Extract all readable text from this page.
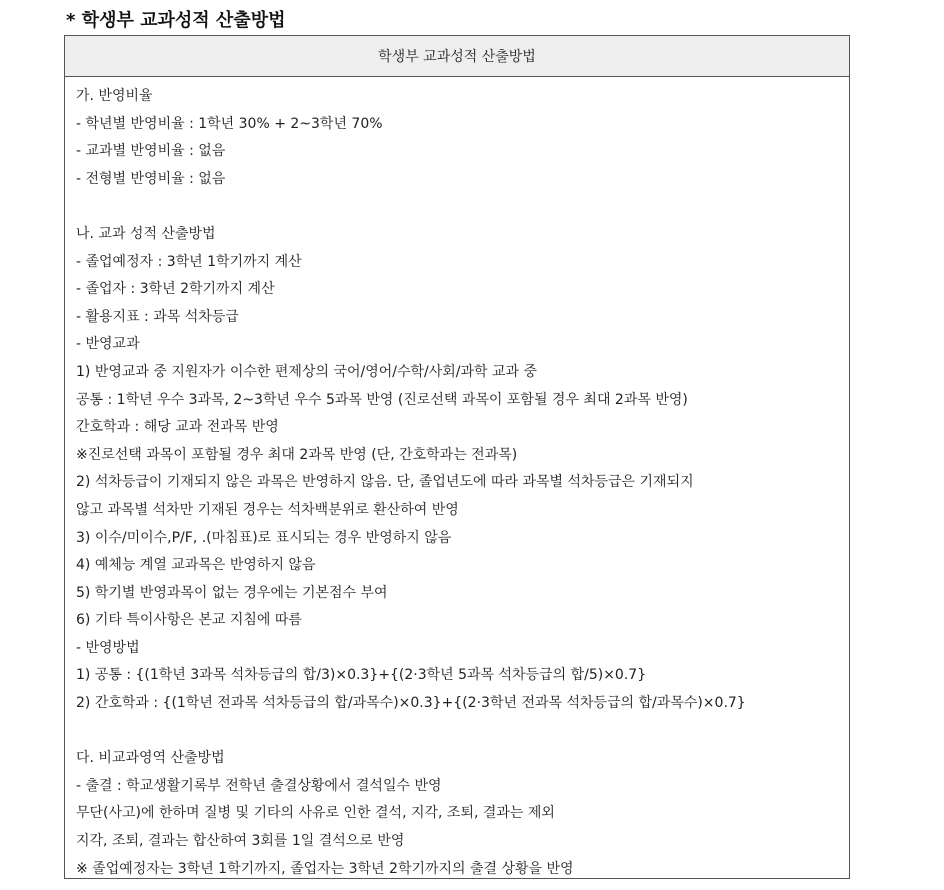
* 학생부 교과성적 산출방법
학생부 교과성적 산출방법
가. 반영비율
- 학년별 반영비율 : 1학년 30% + 2~3학년 70%
- 교과별 반영비율 : 없음
- 전형별 반영비율 : 없음
나. 교과 성적 산출방법
- 졸업예정자 : 3학년 1학기까지 계산
- 졸업자 : 3학년 2학기까지 계산
- 활용지표 : 과목 석차등급
- 반영교과
1) 반영교과 중 지원자가 이수한 편제상의 국어/영어/수학/사회/과학 교과 중
공통 : 1학년 우수 3과목, 2~3학년 우수 5과목 반영 (진로선택 과목이 포함될 경우 최대 2과목 반영)
간호학과 : 해당 교과 전과목 반영
※진로선택 과목이 포함될 경우 최대 2과목 반영 (단, 간호학과는 전과목)
2) 석차등급이 기재되지 않은 과목은 반영하지 않음. 단, 졸업년도에 따라 과목별 석차등급은 기재되지
않고 과목별 석차만 기재된 경우는 석차백분위로 환산하여 반영
3) 이수/미이수,P/F, .(마침표)로 표시되는 경우 반영하지 않음
4) 예체능 계열 교과목은 반영하지 않음
5) 학기별 반영과목이 없는 경우에는 기본점수 부여
6) 기타 특이사항은 본교 지침에 따름
- 반영방법
1) 공통 : {(1학년 3과목 석차등급의 합/3)×0.3}+{(2·3학년 5과목 석차등급의 합/5)×0.7}
2) 간호학과 : {(1학년 전과목 석차등급의 합/과목수)×0.3}+{(2·3학년 전과목 석차등급의 합/과목수)×0.7}
다. 비교과영역 산출방법
- 출결 : 학교생활기록부 전학년 출결상황에서 결석일수 반영
무단(사고)에 한하며 질병 및 기타의 사유로 인한 결석, 지각, 조퇴, 결과는 제외
지각, 조퇴, 결과는 합산하여 3회를 1일 결석으로 반영
※ 졸업예정자는 3학년 1학기까지, 졸업자는 3학년 2학기까지의 출결 상황을 반영
